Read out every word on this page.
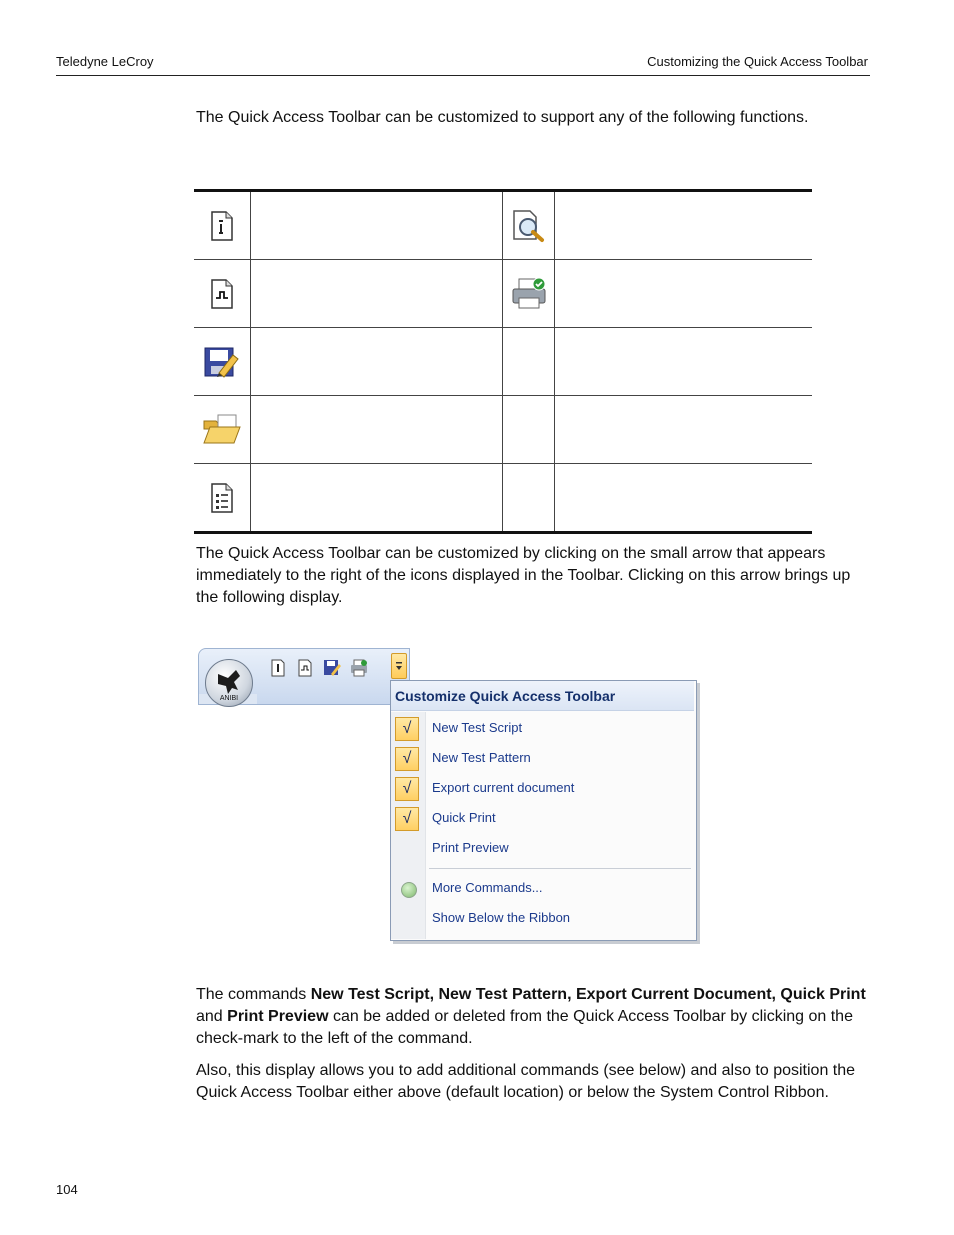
Teledyne LeCroy	Customizing the Quick Access Toolbar

The Quick Access Toolbar can be customized to support any of the following functions.

The Quick Access Toolbar can be customized by clicking on the small arrow that appears immediately to the right of the icons displayed in the Toolbar. Clicking on this arrow brings up the following display.

ANIBI	Customize Quick Access Toolbar
√	New Test Script
√	New Test Pattern
√	Export current document
√	Quick Print
Print Preview
More Commands...
Show Below the Ribbon

The commands New Test Script, New Test Pattern, Export Current Document, Quick Print and Print Preview can be added or deleted from the Quick Access Toolbar by clicking on the check-mark to the left of the command.

Also, this display allows you to add additional commands (see below) and also to position the Quick Access Toolbar either above (default location) or below the System Control Ribbon.

104
